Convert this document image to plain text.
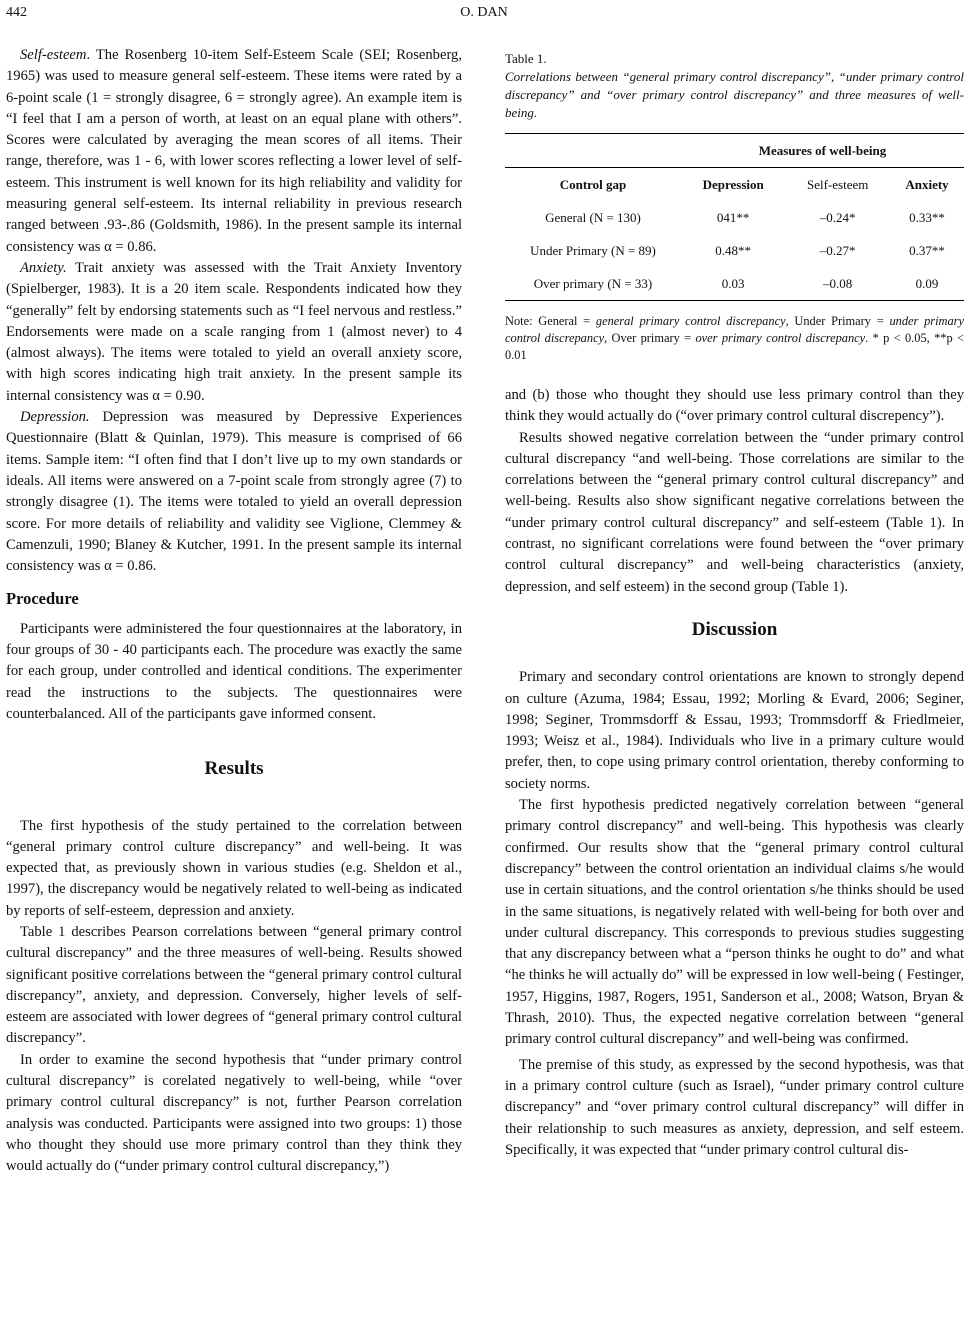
442	O. DAN

Self-esteem. The Rosenberg 10-item Self-Esteem Scale (SEI; Rosenberg, 1965) was used to measure general self-esteem. These items were rated by a 6-point scale (1 = strongly disagree, 6 = strongly agree). An example item is “I feel that I am a person of worth, at least on an equal plane with others”. Scores were calculated by averaging the mean scores of all items. Their range, therefore, was 1 - 6, with lower scores reflecting a lower level of self-esteem. This instrument is well known for its high reliability and validity for measuring general self-esteem. Its internal reliability in previous research ranged between .93-.86 (Goldsmith, 1986). In the present sample its internal consistency was α = 0.86.

Anxiety. Trait anxiety was assessed with the Trait Anxiety Inventory (Spielberger, 1983). It is a 20 item scale. Respondents indicated how they “generally” felt by endorsing statements such as “I feel nervous and restless.” Endorsements were made on a scale ranging from 1 (almost never) to 4 (almost always). The items were totaled to yield an overall anxiety score, with high scores indicating high trait anxiety. In the present sample its internal consistency was α = 0.90.

Depression. Depression was measured by Depressive Experiences Questionnaire (Blatt & Quinlan, 1979). This measure is comprised of 66 items. Sample item: “I often find that I don’t live up to my own standards or ideals. All items were answered on a 7-point scale from strongly agree (7) to strongly disagree (1). The items were totaled to yield an overall depression score. For more details of reliability and validity see Viglione, Clemmey & Camenzuli, 1990; Blaney & Kutcher, 1991. In the present sample its internal consistency was α = 0.86.

Procedure

Participants were administered the four questionnaires at the laboratory, in four groups of 30 - 40 participants each. The procedure was exactly the same for each group, under controlled and identical conditions. The experimenter read the instructions to the subjects. The questionnaires were counterbalanced. All of the participants gave informed consent.

Results

The first hypothesis of the study pertained to the correlation between “general primary control culture discrepancy” and well-being. It was expected that, as previously shown in various studies (e.g. Sheldon et al., 1997), the discrepancy would be negatively related to well-being as indicated by reports of self-esteem, depression and anxiety.

Table 1 describes Pearson correlations between “general primary control cultural discrepancy” and the three measures of well-being. Results showed significant positive correlations between the “general primary control cultural discrepancy”, anxiety, and depression. Conversely, higher levels of self-esteem are associated with lower degrees of “general primary control cultural discrepancy”.

In order to examine the second hypothesis that “under primary control cultural discrepancy” is corelated negatively to well-being, while “over primary control cultural discrepancy” is not, further Pearson correlation analysis was conducted. Participants were assigned into two groups: 1) those who thought they should use more primary control than they think they would actually do (“under primary control cultural discrepancy,”)

Table 1.
Correlations between “general primary control discrepancy”, “under primary control discrepancy” and “over primary control discrepancy” and three measures of well-being.
	Measures of well-being		
Control gap	Depression	Self-esteem	Anxiety
General (N = 130)	041**	–0.24*	0.33**
Under Primary (N = 89)	0.48**	–0.27*	0.37**
Over primary (N = 33)	0.03	–0.08	0.09
Note: General = general primary control discrepancy, Under Primary = under primary control discrepancy, Over primary = over primary control discrepancy. * p < 0.05, **p < 0.01

and (b) those who thought they should use less primary control than they think they would actually do (“over primary control cultural discrepency”).

Results showed negative correlation between the “under primary control cultural discrepancy “and well-being. Those correlations are similar to the correlations between the “general primary control cultural discrepancy” and well-being. Results also show significant negative correlations between the “under primary control cultural discrepancy” and self-esteem (Table 1). In contrast, no significant correlations were found between the “over primary control cultural discrepancy” and well-being characteristics (anxiety, depression, and self esteem) in the second group (Table 1).

Discussion

Primary and secondary control orientations are known to strongly depend on culture (Azuma, 1984; Essau, 1992; Morling & Evard, 2006; Seginer, 1998; Seginer, Trommsdorff & Essau, 1993; Trommsdorff & Friedlmeier, 1993; Weisz et al., 1984). Individuals who live in a primary culture would prefer, then, to cope using primary control orientation, thereby conforming to society norms.

The first hypothesis predicted negatively correlation between “general primary control discrepancy” and well-being. This hypothesis was clearly confirmed. Our results show that the “general primary control cultural discrepancy” between the control orientation an individual claims s/he would use in certain situations, and the control orientation s/he thinks should be used in the same situations, is negatively related with well-being for both over and under cultural discrepancy. This corresponds to previous studies suggesting that any discrepancy between what a “person thinks he ought to do” and what “he thinks he will actually do” will be expressed in low well-being ( Festinger, 1957, Higgins, 1987, Rogers, 1951, Sanderson et al., 2008; Watson, Bryan & Thrash, 2010). Thus, the expected negative correlation between “general primary control cultural discrepancy” and well-being was confirmed.

The premise of this study, as expressed by the second hypothesis, was that in a primary control culture (such as Israel), “under primary control culture discrepancy” and “over primary control cultural discrepancy” will differ in their relationship to such measures as anxiety, depression, and self esteem. Specifically, it was expected that “under primary control cultural dis-
